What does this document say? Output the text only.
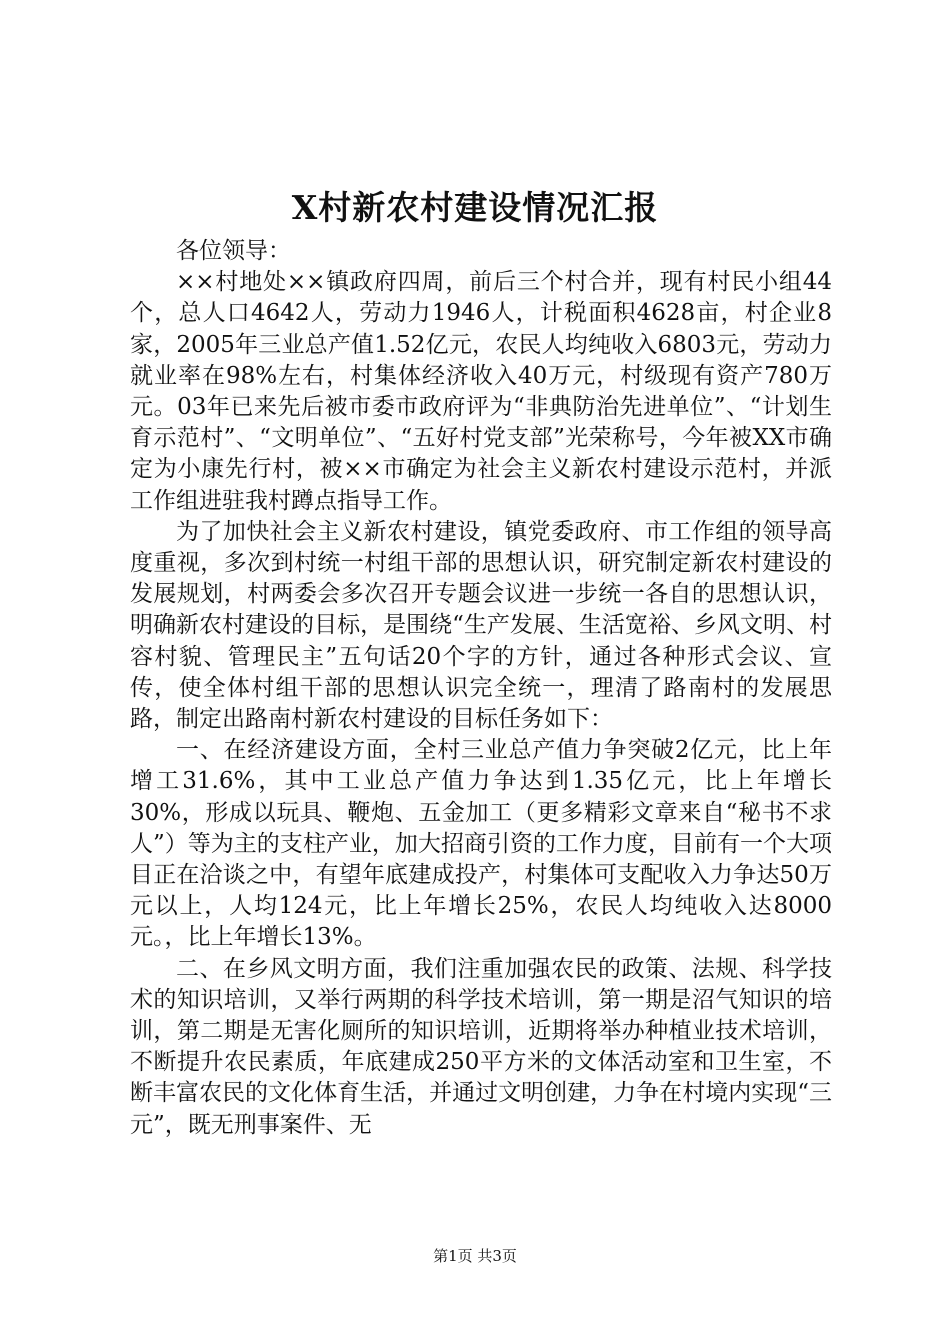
X村新农村建设情况汇报

各位领导：

××村地处××镇政府四周，前后三个村合并，现有村民小组44个，总人口4642人，劳动力1946人，计税面积4628亩，村企业8家，2005年三业总产值1.52亿元，农民人均纯收入6803元，劳动力就业率在98%左右，村集体经济收入40万元，村级现有资产780万元。03年已来先后被市委市政府评为“非典防治先进单位”、“计划生育示范村”、“文明单位”、“五好村党支部”光荣称号，今年被XX市确定为小康先行村，被××市确定为社会主义新农村建设示范村，并派工作组进驻我村蹲点指导工作。

为了加快社会主义新农村建设，镇党委政府、市工作组的领导高度重视，多次到村统一村组干部的思想认识，研究制定新农村建设的发展规划，村两委会多次召开专题会议进一步统一各自的思想认识，明确新农村建设的目标，是围绕“生产发展、生活宽裕、乡风文明、村容村貌、管理民主”五句话20个字的方针，通过各种形式会议、宣传，使全体村组干部的思想认识完全统一，理清了路南村的发展思路，制定出路南村新农村建设的目标任务如下：

一、在经济建设方面，全村三业总产值力争突破2亿元，比上年增工31.6%，其中工业总产值力争达到1.35亿元，比上年增长30%，形成以玩具、鞭炮、五金加工（更多精彩文章来自“秘书不求人”）等为主的支柱产业，加大招商引资的工作力度，目前有一个大项目正在洽谈之中，有望年底建成投产，村集体可支配收入力争达50万元以上，人均124元，比上年增长25%，农民人均纯收入达8000元。，比上年增长13%。

二、在乡风文明方面，我们注重加强农民的政策、法规、科学技术的知识培训，又举行两期的科学技术培训，第一期是沼气知识的培训，第二期是无害化厕所的知识培训，近期将举办种植业技术培训，不断提升农民素质，年底建成250平方米的文体活动室和卫生室，不断丰富农民的文化体育生活，并通过文明创建，力争在村境内实现“三元”，既无刑事案件、无

第1页 共3页
